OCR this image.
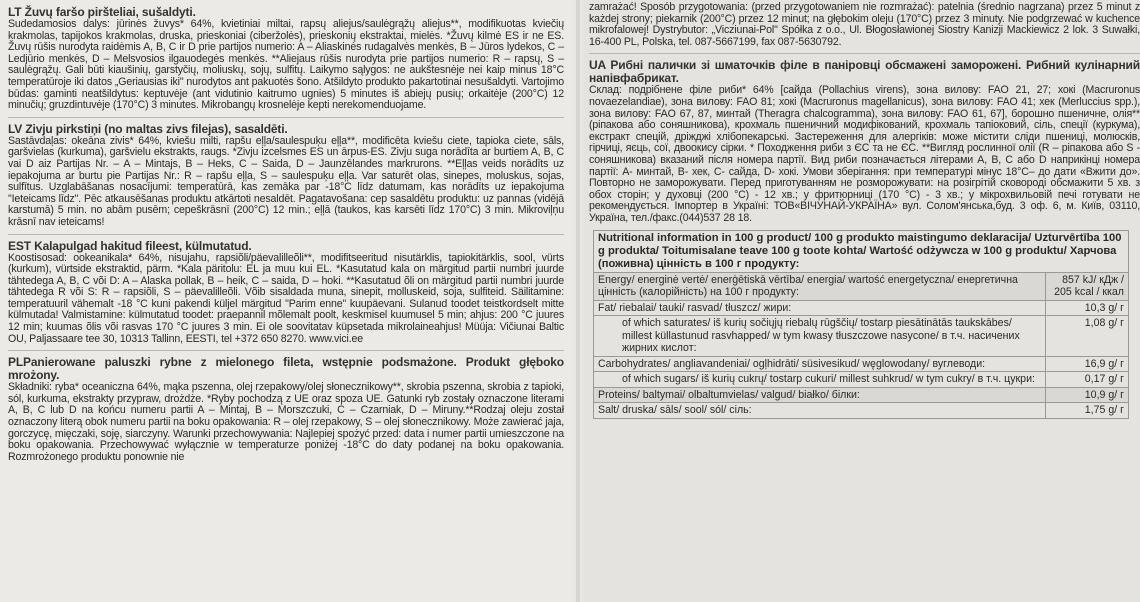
LT Žuvų faršo piršteliai, sušaldyti.

Sudedamosios dalys: jūrinės žuvys* 64%, kvietiniai miltai, rapsų aliejus/saulėgrąžų aliejus**, modifikuotas kviečių krakmolas, tapijokos krakmolas, druska, prieskoniai (ciberžolės), prieskonių ekstraktai, mielės. *Žuvų kilmė ES ir ne ES. Žuvų rūšis nurodyta raidėmis A, B, C ir D prie partijos numerio: A – Aliaskinės rudagalvės menkės, B – Jūros lydekos, C – Ledjūrio menkės, D – Melsvosios ilgauodegės menkės. **Aliejaus rūšis nurodyta prie partijos numerio: R – rapsų, S – saulėgrąžų. Gali būti kiaušinių, garstyčių, moliuskų, sojų, sulfitų. Laikymo sąlygos: ne aukštesnėje nei kaip minus 18°C temperatūroje iki datos „Geriausias iki" nurodytos ant pakuotės šono. Atšildyto produkto pakartotinai nesušaldyti. Vartojimo būdas: gaminti neatšildytus: keptuvėje (ant vidutinio kaitrumo ugnies) 5 minutes iš abiejų pusių; orkaitėje (200°C) 12 minučių; gruzdintuvėje (170°C) 3 minutes. Mikrobangų krosnelėje kepti nerekomenduojame.

LV Zivju pirkstiņi (no maltas zivs filejas), sasaldēti.

Sastāvdaļas: okeāna zivis* 64%, kviešu milti, rapšu eļļa/saulespuķu eļļa**, modificēta kviešu ciete, tapioka ciete, sāls, garšvielas (kurkuma), garšvielu ekstrakts, raugs. *Zivju izcelsmes ES un ārpus-ES. Zivju suga norādīta ar burtiem A, B, C vai D aiz Partijas Nr. – A – Mintajs, B – Heks, C – Saida, D – Jaunzēlandes markrurons. **Eļļas veids norādīts uz iepakojuma ar burtu pie Partijas Nr.: R – rapšu eļļa, S – saulespuķu eļļa. Var saturēt olas, sinepes, moluskus, sojas, sulfītus. Uzglabāšanas nosacījumi: temperatūrā, kas zemāka par -18°C līdz datumam, kas norādīts uz iepakojuma "Ieteicams līdz". Pēc atkausēšanas produktu atkārtoti nesaldēt. Pagatavošana: cep sasaldētu produktu: uz pannas (vidējā karstumā) 5 min. no abām pusēm; cepeškrāsnī (200°C) 12 min.; eļļā (taukos, kas karsēti līdz 170°C) 3 min. Mikroviļņu krāsnī nav ieteicams!

EST Kalapulgad hakitud fileest, külmutatud.

Koostisosad: ookeanikala* 64%, nisujahu, rapsiõli/päevalilleõli**, modifitseeritud nisutärklis, tapiokitärklis, sool, vürts (kurkum), vürtside ekstraktid, pärm. *Kala päritolu: EL ja muu kui EL. *Kasutatud kala on märgitud partii numbri juurde tähtedega A, B, C või D: A – Alaska pollak, B – heik, C – saida, D – hoki. **Kasutatud õli on märgitud partii numbri juurde tähtedega R või S: R – rapsiõli, S – päevalilleõli. Võib sisaldada muna, sinepit, molluskeid, soja, sulfiteid. Säilitamine: temperatuuril vähemalt -18 °C kuni pakendi küljel märgitud "Parim enne" kuupäevani. Sulanud toodet teistkordselt mitte külmutada! Valmistamine: külmutatud toodet: praepannil mõlemalt poolt, keskmisel kuumusel 5 min; ahjus: 200 °C juures 12 min; kuumas õlis või rasvas 170 °C juures 3 min. Ei ole soovitatav küpsetada mikrolaineahjus! Müüja: Vičiunai Baltic OU, Paljassaare tee 30, 10313 Tallinn, EESTI, tel +372 650 8270. www.vici.ee

PLPanierowane paluszki rybne z mielonego fileta, wstępnie podsmażone. Produkt głęboko mrożony.

Składniki: ryba* oceaniczna 64%, mąka pszenna, olej rzepakowy/olej słonecznikowy**, skrobia pszenna, skrobia z tapioki, sól, kurkuma, ekstrakty przypraw, drożdże. *Ryby pochodzą z UE oraz spoza UE. Gatunki ryb zostały oznaczone literami A, B, C lub D na końcu numeru partii A – Mintaj, B – Morszczuki, C – Czarniak, D – Miruny.**Rodzaj oleju został oznaczony literą obok numeru partii na boku opakowania: R – olej rzepakowy, S – olej słonecznikowy. Może zawierać jaja, gorczycę, mięczaki, soję, siarczyny. Warunki przechowywania: Najlepiej spożyć przed: data i numer partii umieszczone na boku opakowania. Przechowywać wyłącznie w temperaturze poniżej -18°C do daty podanej na boku opakowania. Rozmrożonego produktu ponownie nie

zamrażać! Sposób przygotowania: (przed przygotowaniem nie rozmrażać): patelnia (średnio nagrzana) przez 5 minut z każdej strony; piekarnik (200°C) przez 12 minut; na głębokim oleju (170°C) przez 3 minuty. Nie podgrzewać w kuchence mikrofalowej! Dystrybutor: „Vicziunai-Pol" Spółka z o.o., Ul. Błogosławionej Siostry Kanizji Mackiewicz 2 lok. 3 Suwałki, 16-400 PL, Polska, tel. 087-5667199, fax 087-5630792.

UA Рибні палички зі шматочків філе в паніровці обсмажені заморожені. Рибний кулінарний напівфабрикат.

Склад: подрібнене філе риби* 64% [сайда (Pollachius virens), зона вилову: FAO 21, 27; хокі (Macruronus novaezelandiae), зона вилову: FAO 81; хокі (Macruronus magellanicus), зона вилову: FAO 41; хек (Merluccius spp.), зона вилову: FAO 67, 87, минтай (Theragra chalcogramma), зона вилову: FAO 61, 67], борошно пшеничне, олія** (ріпакова або соняшникова), крохмаль пшеничний модифікований, крохмаль тапіоковий, сіль, спеції (куркума), екстракт спецій, дріжджі хлібопекарські. Застереження для алергіків: може містити сліди пшениці, молюсків, гірчиці, яєць, сої, двоокису сірки. * Походження риби з ЄС та не ЄС. **Вигляд рослинної олії (R – ріпакова або S - соняшникова) вказаний після номера партії. Вид риби позначається літерами A, B, C або D наприкінці номера партії: A- минтай, B- хек, C- сайда, D- хокі. Умови зберігання: при температурі мінус 18°C– до дати «Вжити до». Повторно не заморожувати. Перед приготуванням не розморожувати: на розігрітій сковороді обсмажити 5 хв. з обох сторін; у духовці (200 °C) - 12 хв.; у фритюрниці (170 °C) - 3 хв.; у мікрохвильовій печі готувати не рекомендується. Імпортер в Україні: ТОВ«ВІЧУНАЙ-УКРАЇНА» вул. Солом'янська,буд. 3 оф. 6, м. Київ, 03110, Україна, тел./факс.(044)537 28 18.

Nutritional information in 100 g product/ 100 g produkto maistingumo deklaracija/ Uzturvērtība 100 g produkta/ Toitumisalane teave 100 g toote kohta/ Wartość odżywcza w 100 g produktu/ Харчова (поживна) цінність в 100 г продукту:	
Energy/ energinė vertė/ enerģētiskā vērtība/ energia/ wartość energetyczna/ енергетична цінність (калорійність) на 100 г продукту:	857 kJ/ кДж / 205 kcal / ккал
Fat/ riebalai/ tauki/ rasvad/ tłuszcz/ жири:	10,3 g/ г
of which saturates/ iš kurių sočiųjų riebalų rūgščių/ tostarp piesātinātās taukskābes/ millest küllastunud rasvhapped/ w tym kwasy tłuszczowe nasycone/ в т.ч. насичених жирних кислот:	1,08 g/ г
Carbohydrates/ angliavandeniai/ ogļhidrāti/ süsivesikud/ węglowodany/ вуглеводи:	16,9 g/ г
of which sugars/ iš kurių cukrų/ tostarp cukuri/ millest suhkrud/ w tym cukry/ в т.ч. цукри:	0,17 g/ г
Proteins/ baltymai/ olbaltumvielas/ valgud/ białko/ білки:	10,9 g/ г
Salt/ druska/ sāls/ sool/ sól/ сіль:	1,75 g/ г
